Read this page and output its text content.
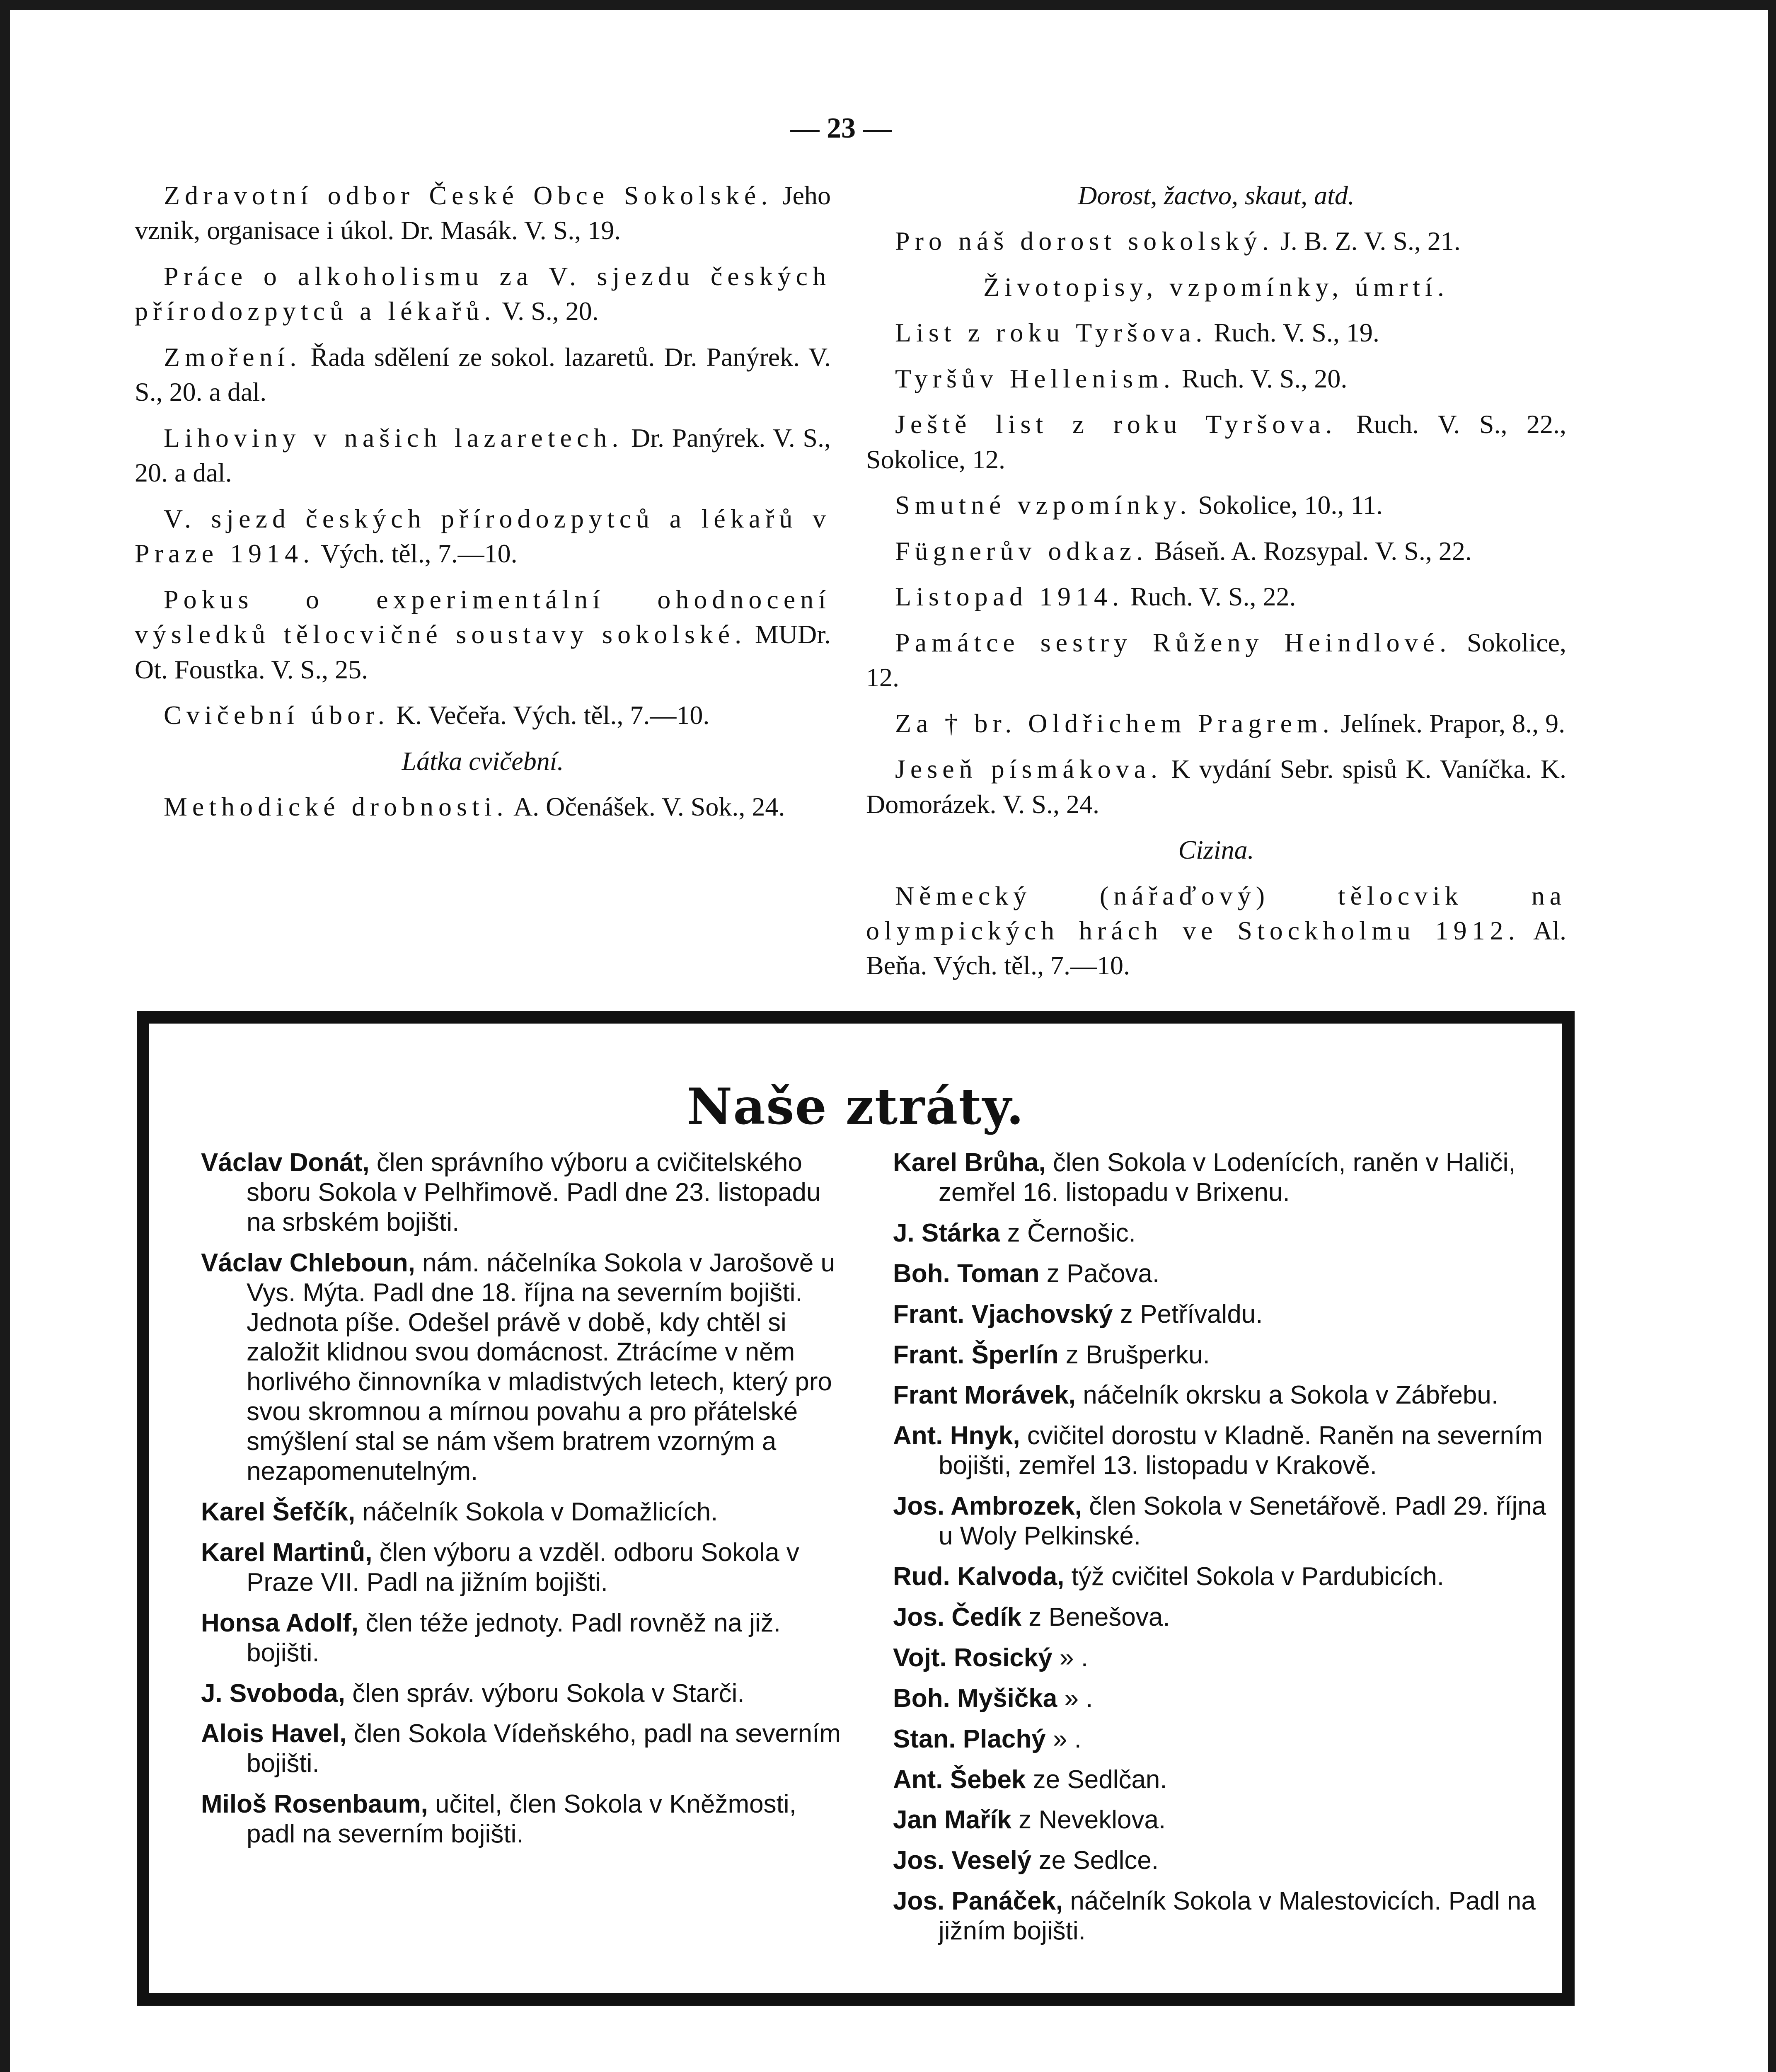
— 23 —

Zdravotní odbor České Obce Sokolské. Jeho vznik, organisace i úkol. Dr. Masák. V. S., 19.

Práce o alkoholismu za V. sjezdu českých přírodozpytců a lékařů. V. S., 20.

Zmoření. Řada sdělení ze sokol. lazaretů. Dr. Panýrek. V. S., 20. a dal.

Lihoviny v našich lazaretech. Dr. Panýrek. V. S., 20. a dal.

V. sjezd českých přírodozpytců a lékařů v Praze 1914. Vých. těl., 7.—10.

Pokus o experimentální ohodnocení výsledků tělocvičné soustavy sokolské. MUDr. Ot. Foustka. V. S., 25.

Cvičební úbor. K. Večeřa. Vých. těl., 7.—10.

Látka cvičební.

Methodické drobnosti. A. Očenášek. V. Sok., 24.

Dorost, žactvo, skaut, atd.

Pro náš dorost sokolský. J. B. Z. V. S., 21.

Životopisy, vzpomínky, úmrtí.

List z roku Tyršova. Ruch. V. S., 19.

Tyršův Hellenism. Ruch. V. S., 20.

Ještě list z roku Tyršova. Ruch. V. S., 22., Sokolice, 12.

Smutné vzpomínky. Sokolice, 10., 11.

Fügnerův odkaz. Báseň. A. Rozsypal. V. S., 22.

Listopad 1914. Ruch. V. S., 22.

Památce sestry Růženy Heindlové. Sokolice, 12.

Za † br. Oldřichem Pragrem. Jelínek. Prapor, 8., 9.

Jeseň písmákova. K vydání Sebr. spisů K. Vaníčka. K. Domorázek. V. S., 24.

Cizina.

Německý (nářaďový) tělocvik na olympických hrách ve Stockholmu 1912. Al. Beňa. Vých. těl., 7.—10.

Naše ztráty.

Václav Donát, člen správního výboru a cvičitelského sboru Sokola v Pelhřimově. Padl dne 23. listopadu na srbském bojišti.

Václav Chleboun, nám. náčelníka Sokola v Jarošově u Vys. Mýta. Padl dne 18. října na severním bojišti. Jednota píše. Odešel právě v době, kdy chtěl si založit klidnou svou domácnost. Ztrácíme v něm horlivého činnovníka v mladistvých letech, který pro svou skromnou a mírnou povahu a pro přátelské smýšlení stal se nám všem bratrem vzorným a nezapomenutelným.

Karel Šefčík, náčelník Sokola v Domažlicích.

Karel Martinů, člen výboru a vzděl. odboru Sokola v Praze VII. Padl na jižním bojišti.

Honsa Adolf, člen téže jednoty. Padl rovněž na již. bojišti.

J. Svoboda, člen správ. výboru Sokola v Starči.

Alois Havel, člen Sokola Vídeňského, padl na severním bojišti.

Miloš Rosenbaum, učitel, člen Sokola v Kněžmosti, padl na severním bojišti.

Karel Brůha, člen Sokola v Lodenících, raněn v Haliči, zemřel 16. listopadu v Brixenu.

J. Stárka z Černošic.

Boh. Toman z Pačova.

Frant. Vjachovský z Petřívaldu.

Frant. Šperlín z Brušperku.

Frant Morávek, náčelník okrsku a Sokola v Zábřebu.

Ant. Hnyk, cvičitel dorostu v Kladně. Raněn na severním bojišti, zemřel 13. listopadu v Krakově.

Jos. Ambrozek, člen Sokola v Senetářově. Padl 29. října u Woly Pelkinské.

Rud. Kalvoda, týž cvičitel Sokola v Pardubicích.

Jos. Čedík z Benešova.

Vojt. Rosický » .

Boh. Myšička » .

Stan. Plachý » .

Ant. Šebek ze Sedlčan.

Jan Mařík z Neveklova.

Jos. Veselý ze Sedlce.

Jos. Panáček, náčelník Sokola v Malestovicích. Padl na jižním bojišti.
